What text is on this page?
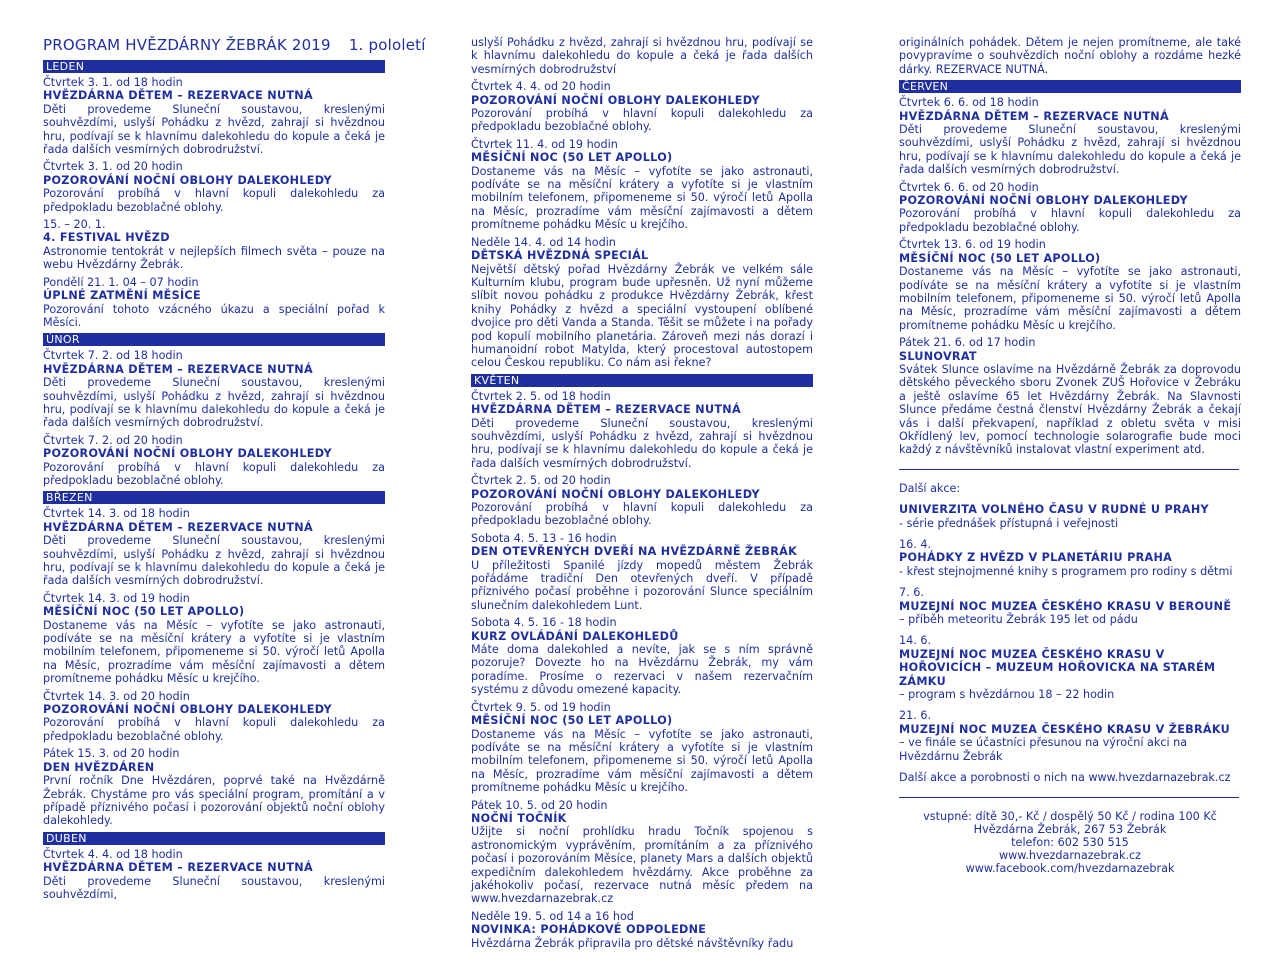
PROGRAM HVĚZDÁRNY ŽEBRÁK 2019 1. pololetí
LEDEN
Čtvrtek 3. 1. od 18 hodin
HVĚZDÁRNA DĚTEM – REZERVACE NUTNÁ
Děti provedeme Sluneční soustavou, kreslenými souhvězdími, uslyší Pohádku z hvězd, zahrají si hvězdnou hru, podívají se k hlavnímu dalekohledu do kopule a čeká je řada dalších vesmírných dobrodružství.
Čtvrtek 3. 1. od 20 hodin
POZOROVÁNÍ NOČNÍ OBLOHY DALEKOHLEDY
Pozorování probíhá v hlavní kopuli dalekohledu za předpokladu bezoblačné oblohy.
15. – 20. 1.
4. FESTIVAL HVĚZD
Astronomie tentokrát v nejlepších filmech světa – pouze na webu Hvězdárny Žebrák.
Pondělí 21. 1. 04 – 07 hodin
ÚPLNÉ ZATMĚNÍ MĚSÍCE
Pozorování tohoto vzácného úkazu a speciální pořad k Měsíci.
ÚNOR
Čtvrtek 7. 2. od 18 hodin
HVĚZDÁRNA DĚTEM – REZERVACE NUTNÁ
Děti provedeme Sluneční soustavou, kreslenými souhvězdími, uslyší Pohádku z hvězd, zahrají si hvězdnou hru, podívají se k hlavnímu dalekohledu do kopule a čeká je řada dalších vesmírných dobrodružství.
Čtvrtek 7. 2. od 20 hodin
POZOROVÁNÍ NOČNÍ OBLOHY DALEKOHLEDY
Pozorování probíhá v hlavní kopuli dalekohledu za předpokladu bezoblačné oblohy.
BŘEZEN
Čtvrtek 14. 3. od 18 hodin
HVĚZDÁRNA DĚTEM – REZERVACE NUTNÁ
Děti provedeme Sluneční soustavou, kreslenými souhvězdími, uslyší Pohádku z hvězd, zahrají si hvězdnou hru, podívají se k hlavnímu dalekohledu do kopule a čeká je řada dalších vesmírných dobrodružství.
Čtvrtek 14. 3. od 19 hodin
MĚSÍČNÍ NOC (50 LET APOLLO)
Dostaneme vás na Měsíc – vyfotíte se jako astronauti, podíváte se na měsíční krátery a vyfotíte si je vlastním mobilním telefonem, připomeneme si 50. výročí letů Apolla na Měsíc, prozradíme vám měsíční zajímavosti a dětem promítneme pohádku Měsíc u krejčího.
Čtvrtek 14. 3. od 20 hodin
POZOROVÁNÍ NOČNÍ OBLOHY DALEKOHLEDY
Pozorování probíhá v hlavní kopuli dalekohledu za předpokladu bezoblačné oblohy.
Pátek 15. 3. od 20 hodin
DEN HVĚZDÁREN
První ročník Dne Hvězdáren, poprvé také na Hvězdárně Žebrák. Chystáme pro vás speciální program, promítání a v případě příznivého počasí i pozorování objektů noční oblohy dalekohledy.
DUBEN
Čtvrtek 4. 4. od 18 hodin
HVĚZDÁRNA DĚTEM – REZERVACE NUTNÁ
Děti provedeme Sluneční soustavou, kreslenými souhvězdími,
uslyší Pohádku z hvězd, zahrají si hvězdnou hru, podívají se k hlavnímu dalekohledu do kopule a čeká je řada dalších vesmírných dobrodružství
Čtvrtek 4. 4. od 20 hodin
POZOROVÁNÍ NOČNÍ OBLOHY DALEKOHLEDY
Pozorování probíhá v hlavní kopuli dalekohledu za předpokladu bezoblačné oblohy.
Čtvrtek 11. 4. od 19 hodin
MĚSÍČNÍ NOC (50 LET APOLLO)
Dostaneme vás na Měsíc – vyfotíte se jako astronauti, podíváte se na měsíční krátery a vyfotíte si je vlastním mobilním telefonem, připomeneme si 50. výročí letů Apolla na Měsíc, prozradíme vám měsíční zajímavosti a dětem promítneme pohádku Měsíc u krejčího.
Neděle 14. 4. od 14 hodin
DĚTSKÁ HVĚZDNÁ SPECIÁL
Největší dětský pořad Hvězdárny Žebrák ve velkém sále Kulturním klubu, program bude upřesněn. Už nyní můžeme slíbit novou pohádku z produkce Hvězdárny Žebrák, křest knihy Pohádky z hvězd a speciální vystoupení oblíbené dvojice pro děti Vanda a Standa. Těšit se můžete i na pořady pod kopulí mobilního planetária. Zároveň mezi nás dorazí i humanoidní robot Matylda, který procestoval autostopem celou Českou republiku. Co nám asi řekne?
KVĚTEN
Čtvrtek 2. 5. od 18 hodin
HVĚZDÁRNA DĚTEM – REZERVACE NUTNÁ
Děti provedeme Sluneční soustavou, kreslenými souhvězdími, uslyší Pohádku z hvězd, zahrají si hvězdnou hru, podívají se k hlavnímu dalekohledu do kopule a čeká je řada dalších vesmírných dobrodružství.
Čtvrtek 2. 5. od 20 hodin
POZOROVÁNÍ NOČNÍ OBLOHY DALEKOHLEDY
Pozorování probíhá v hlavní kopuli dalekohledu za předpokladu bezoblačné oblohy.
Sobota 4. 5. 13 - 16 hodin
DEN OTEVŘENÝCH DVEŘÍ NA HVĚZDÁRNĚ ŽEBRÁK
U příležitosti Spanilé jízdy mopedů městem Žebrák pořádáme tradiční Den otevřených dveří. V případě příznivého počasí proběhne i pozorování Slunce speciálním slunečním dalekohledem Lunt.
Sobota 4. 5. 16 - 18 hodin
KURZ OVLÁDÁNÍ DALEKOHLEDŮ
Máte doma dalekohled a nevíte, jak se s ním správně pozoruje? Dovezte ho na Hvězdárnu Žebrák, my vám poradíme. Prosíme o rezervaci v našem rezervačním systému z důvodu omezené kapacity.
Čtvrtek 9. 5. od 19 hodin
MĚSÍČNÍ NOC (50 LET APOLLO)
Dostaneme vás na Měsíc – vyfotíte se jako astronauti, podíváte se na měsíční krátery a vyfotíte si je vlastním mobilním telefonem, připomeneme si 50. výročí letů Apolla na Měsíc, prozradíme vám měsíční zajímavosti a dětem promítneme pohádku Měsíc u krejčího.
Pátek 10. 5. od 20 hodin
NOČNÍ TOČNÍK
Užijte si noční prohlídku hradu Točník spojenou s astronomickým vyprávěním, promítáním a za příznivého počasí i pozorováním Měsíce, planety Mars a dalších objektů expedičním dalekohledem hvězdárny. Akce proběhne za jakéhokoliv počasí, rezervace nutná měsíc předem na www.hvezdarnazebrak.cz
Neděle 19. 5. od 14 a 16 hod
NOVINKA: POHÁDKOVÉ ODPOLEDNE
Hvězdárna Žebrák připravila pro dětské návštěvníky řadu
originálních pohádek. Dětem je nejen promítneme, ale také povypravíme o souhvězdích noční oblohy a rozdáme hezké dárky. REZERVACE NUTNÁ.
ČERVEN
Čtvrtek 6. 6. od 18 hodin
HVĚZDÁRNA DĚTEM – REZERVACE NUTNÁ
Děti provedeme Sluneční soustavou, kreslenými souhvězdími, uslyší Pohádku z hvězd, zahrají si hvězdnou hru, podívají se k hlavnímu dalekohledu do kopule a čeká je řada dalších vesmírných dobrodružství.
Čtvrtek 6. 6. od 20 hodin
POZOROVÁNÍ NOČNÍ OBLOHY DALEKOHLEDY
Pozorování probíhá v hlavní kopuli dalekohledu za předpokladu bezoblačné oblohy.
Čtvrtek 13. 6. od 19 hodin
MĚSÍČNÍ NOC (50 LET APOLLO)
Dostaneme vás na Měsíc – vyfotíte se jako astronauti, podíváte se na měsíční krátery a vyfotíte si je vlastním mobilním telefonem, připomeneme si 50. výročí letů Apolla na Měsíc, prozradíme vám měsíční zajímavosti a dětem promítneme pohádku Měsíc u krejčího.
Pátek 21. 6. od 17 hodin
SLUNOVRAT
Svátek Slunce oslavíme na Hvězdárně Žebrák za doprovodu dětského pěveckého sboru Zvonek ZUŠ Hořovice v Žebráku a ještě oslavíme 65 let Hvězdárny Žebrák. Na Slavnosti Slunce předáme čestná členství Hvězdárny Žebrák a čekají vás i další překvapení, například z obletu světa v misi Okřídlený lev, pomocí technologie solarografie bude moci každý z návštěvníků instalovat vlastní experiment atd.
Další akce:
UNIVERZITA VOLNÉHO ČASU V RUDNÉ U PRAHY
- série přednášek přístupná i veřejnosti
16. 4.
POHÁDKY Z HVĚZD V PLANETÁRIU PRAHA
- křest stejnojmenné knihy s programem pro rodiny s dětmi
7. 6.
MUZEJNÍ NOC MUZEA ČESKÉHO KRASU V BEROUNĚ
– příběh meteoritu Žebrák 195 let od pádu
14. 6.
MUZEJNÍ NOC MUZEA ČESKÉHO KRASU V HOŘOVICÍCH – MUZEUM HOŘOVICKA NA STARÉM ZÁMKU
– program s hvězdárnou 18 – 22 hodin
21. 6.
MUZEJNÍ NOC MUZEA ČESKÉHO KRASU V ŽEBRÁKU
– ve finále se účastníci přesunou na výroční akci na Hvězdárnu Žebrák
Další akce a porobnosti o nich na www.hvezdarnazebrak.cz
vstupné: dítě 30,- Kč / dospělý 50 Kč / rodina 100 Kč
Hvězdárna Žebrák, 267 53 Žebrák
telefon: 602 530 515
www.hvezdarnazebrak.cz
www.facebook.com/hvezdarnazebrak
